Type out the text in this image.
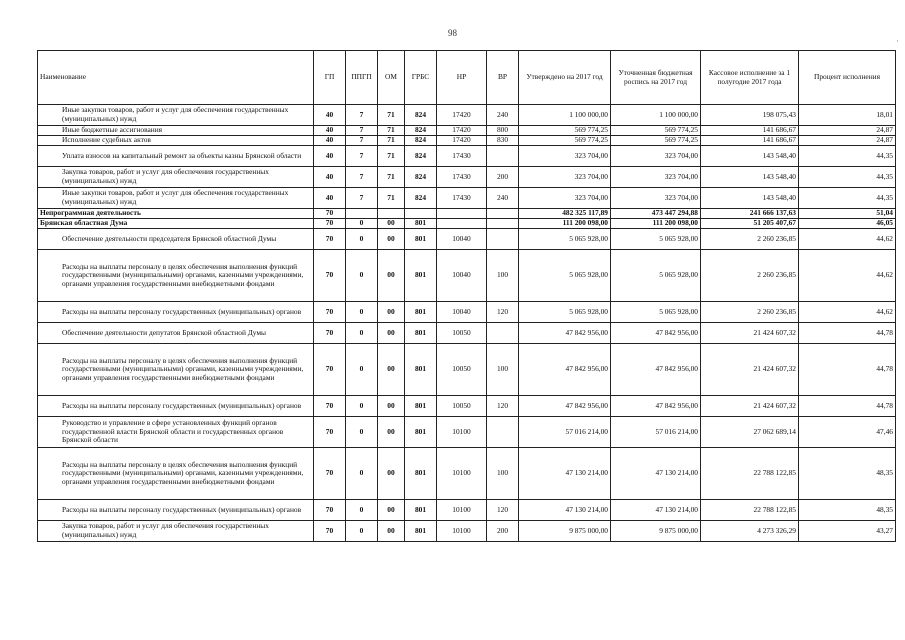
98
·
Наименование	ГП	ППГП	ОМ	ГРБС	НР	ВР	Утверждено на 2017 год	Уточненная бюджетная роспись на 2017 год	Кассовое исполнение за 1 полугодие 2017 года	Процент исполнения

Иные закупки товаров, работ и услуг для обеспечения государственных (муниципальных) нужд	40	7	71	824	17420	240	1 100 000,00	1 100 000,00	198 075,43	18,01

Иные бюджетные ассигнования	40	7	71	824	17420	800	569 774,25	569 774,25	141 686,67	24,87

Исполнение судебных актов	40	7	71	824	17420	830	569 774,25	569 774,25	141 686,67	24,87

Уплата взносов на капитальный ремонт за объекты казны Брянской области	40	7	71	824	17430		323 704,00	323 704,00	143 548,40	44,35

Закупка товаров, работ и услуг для обеспечения государственных (муниципальных) нужд	40	7	71	824	17430	200	323 704,00	323 704,00	143 548,40	44,35

Иные закупки товаров, работ и услуг для обеспечения государственных (муниципальных) нужд	40	7	71	824	17430	240	323 704,00	323 704,00	143 548,40	44,35

Непрограммная деятельность	70						482 325 117,89	473 447 294,88	241 666 137,63	51,04

Брянская областная Дума	70	0	00	801			111 200 098,00	111 200 098,00	51 205 407,67	46,05

Обеспечение деятельности председателя Брянской областной Думы	70	0	00	801	10040		5 065 928,00	5 065 928,00	2 260 236,85	44,62

Расходы на выплаты персоналу в целях обеспечения выполнения функций государственными (муниципальными) органами, казенными учреждениями, органами управления государственными внебюджетными фондами	70	0	00	801	10040	100	5 065 928,00	5 065 928,00	2 260 236,85	44,62

Расходы на выплаты персоналу государственных (муниципальных) органов	70	0	00	801	10040	120	5 065 928,00	5 065 928,00	2 260 236,85	44,62

Обеспечение деятельности депутатов Брянской областной Думы	70	0	00	801	10050		47 842 956,00	47 842 956,00	21 424 607,32	44,78

Расходы на выплаты персоналу в целях обеспечения выполнения функций государственными (муниципальными) органами, казенными учреждениями, органами управления государственными внебюджетными фондами	70	0	00	801	10050	100	47 842 956,00	47 842 956,00	21 424 607,32	44,78

Расходы на выплаты персоналу государственных (муниципальных) органов	70	0	00	801	10050	120	47 842 956,00	47 842 956,00	21 424 607,32	44,78

Руководство и управление в сфере установленных функций органов государственной власти Брянской области и государственных органов Брянской области	70	0	00	801	10100		57 016 214,00	57 016 214,00	27 062 689,14	47,46

Расходы на выплаты персоналу в целях обеспечения выполнения функций государственными (муниципальными) органами, казенными учреждениями, органами управления государственными внебюджетными фондами	70	0	00	801	10100	100	47 130 214,00	47 130 214,00	22 788 122,85	48,35

Расходы на выплаты персоналу государственных (муниципальных) органов	70	0	00	801	10100	120	47 130 214,00	47 130 214,00	22 788 122,85	48,35

Закупка товаров, работ и услуг для обеспечения государственных (муниципальных) нужд	70	0	00	801	10100	200	9 875 000,00	9 875 000,00	4 273 326,29	43,27
